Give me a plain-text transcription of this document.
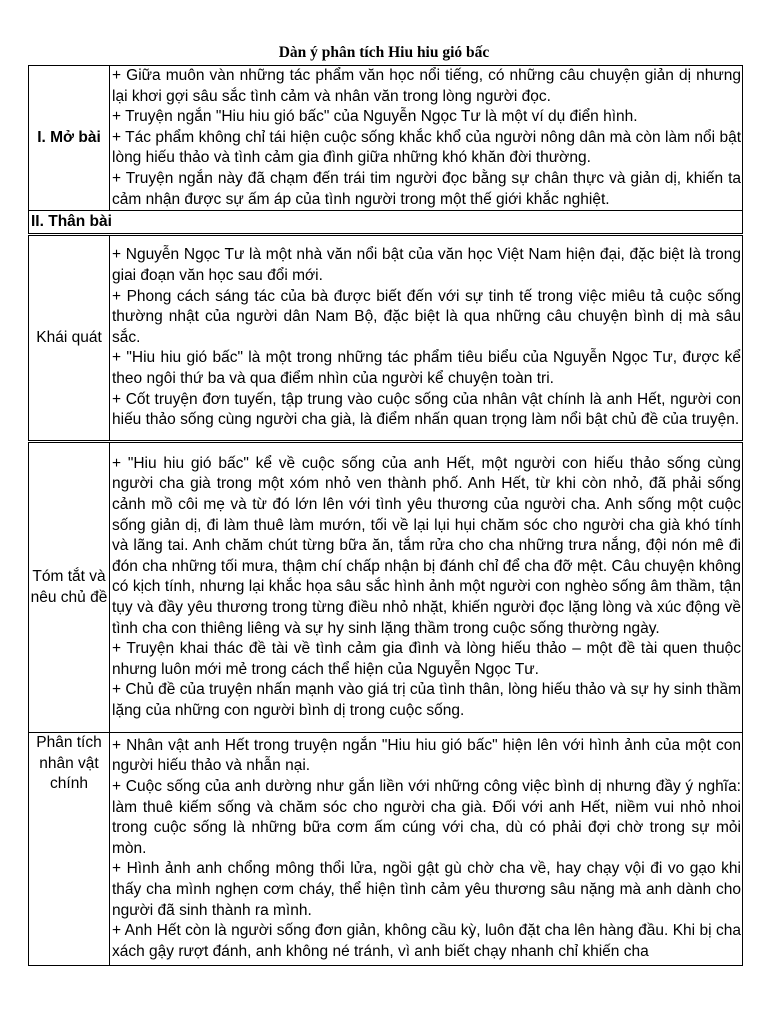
Dàn ý phân tích Hiu hiu gió bấc
I. Mở bài	+ Giữa muôn vàn những tác phẩm văn học nổi tiếng, có những câu chuyện giản dị nhưng lại khơi gợi sâu sắc tình cảm và nhân văn trong lòng người đọc.

+ Truyện ngắn "Hiu hiu gió bấc" của Nguyễn Ngọc Tư là một ví dụ điển hình.

+ Tác phẩm không chỉ tái hiện cuộc sống khắc khổ của người nông dân mà còn làm nổi bật lòng hiếu thảo và tình cảm gia đình giữa những khó khăn đời thường.

+ Truyện ngắn này đã chạm đến trái tim người đọc bằng sự chân thực và giản dị, khiến ta cảm nhận được sự ấm áp của tình người trong một thế giới khắc nghiệt.

II. Thân bài	
Khái quát	+ Nguyễn Ngọc Tư là một nhà văn nổi bật của văn học Việt Nam hiện đại, đặc biệt là trong giai đoạn văn học sau đổi mới.

+ Phong cách sáng tác của bà được biết đến với sự tinh tế trong việc miêu tả cuộc sống thường nhật của người dân Nam Bộ, đặc biệt là qua những câu chuyện bình dị mà sâu sắc.

+ "Hiu hiu gió bấc" là một trong những tác phẩm tiêu biểu của Nguyễn Ngọc Tư, được kể theo ngôi thứ ba và qua điểm nhìn của người kể chuyện toàn tri.

+ Cốt truyện đơn tuyến, tập trung vào cuộc sống của nhân vật chính là anh Hết, người con hiếu thảo sống cùng người cha già, là điểm nhấn quan trọng làm nổi bật chủ đề của truyện.

Tóm tắt và nêu chủ đề	+ "Hiu hiu gió bấc" kể về cuộc sống của anh Hết, một người con hiếu thảo sống cùng người cha già trong một xóm nhỏ ven thành phố. Anh Hết, từ khi còn nhỏ, đã phải sống cảnh mồ côi mẹ và từ đó lớn lên với tình yêu thương của người cha. Anh sống một cuộc sống giản dị, đi làm thuê làm mướn, tối về lại lụi hụi chăm sóc cho người cha già khó tính và lãng tai. Anh chăm chút từng bữa ăn, tắm rửa cho cha những trưa nắng, đội nón mê đi đón cha những tối mưa, thậm chí chấp nhận bị đánh chỉ để cha đỡ mệt. Câu chuyện không có kịch tính, nhưng lại khắc họa sâu sắc hình ảnh một người con nghèo sống âm thầm, tận tụy và đầy yêu thương trong từng điều nhỏ nhặt, khiến người đọc lặng lòng và xúc động về tình cha con thiêng liêng và sự hy sinh lặng thầm trong cuộc sống thường ngày.

+ Truyện khai thác đề tài về tình cảm gia đình và lòng hiếu thảo – một đề tài quen thuộc nhưng luôn mới mẻ trong cách thể hiện của Nguyễn Ngọc Tư.

+ Chủ đề của truyện nhấn mạnh vào giá trị của tình thân, lòng hiếu thảo và sự hy sinh thầm lặng của những con người bình dị trong cuộc sống.

Phân tích nhân vật chính	+ Nhân vật anh Hết trong truyện ngắn "Hiu hiu gió bấc" hiện lên với hình ảnh của một con người hiếu thảo và nhẫn nại.

+ Cuộc sống của anh dường như gắn liền với những công việc bình dị nhưng đầy ý nghĩa: làm thuê kiếm sống và chăm sóc cho người cha già. Đối với anh Hết, niềm vui nhỏ nhoi trong cuộc sống là những bữa cơm ấm cúng với cha, dù có phải đợi chờ trong sự mỏi mòn.

+ Hình ảnh anh chổng mông thổi lửa, ngồi gật gù chờ cha về, hay chạy vội đi vo gạo khi thấy cha mình nghẹn cơm cháy, thể hiện tình cảm yêu thương sâu nặng mà anh dành cho người đã sinh thành ra mình.

+ Anh Hết còn là người sống đơn giản, không cầu kỳ, luôn đặt cha lên hàng đầu. Khi bị cha xách gậy rượt đánh, anh không né tránh, vì anh biết chạy nhanh chỉ khiến cha
